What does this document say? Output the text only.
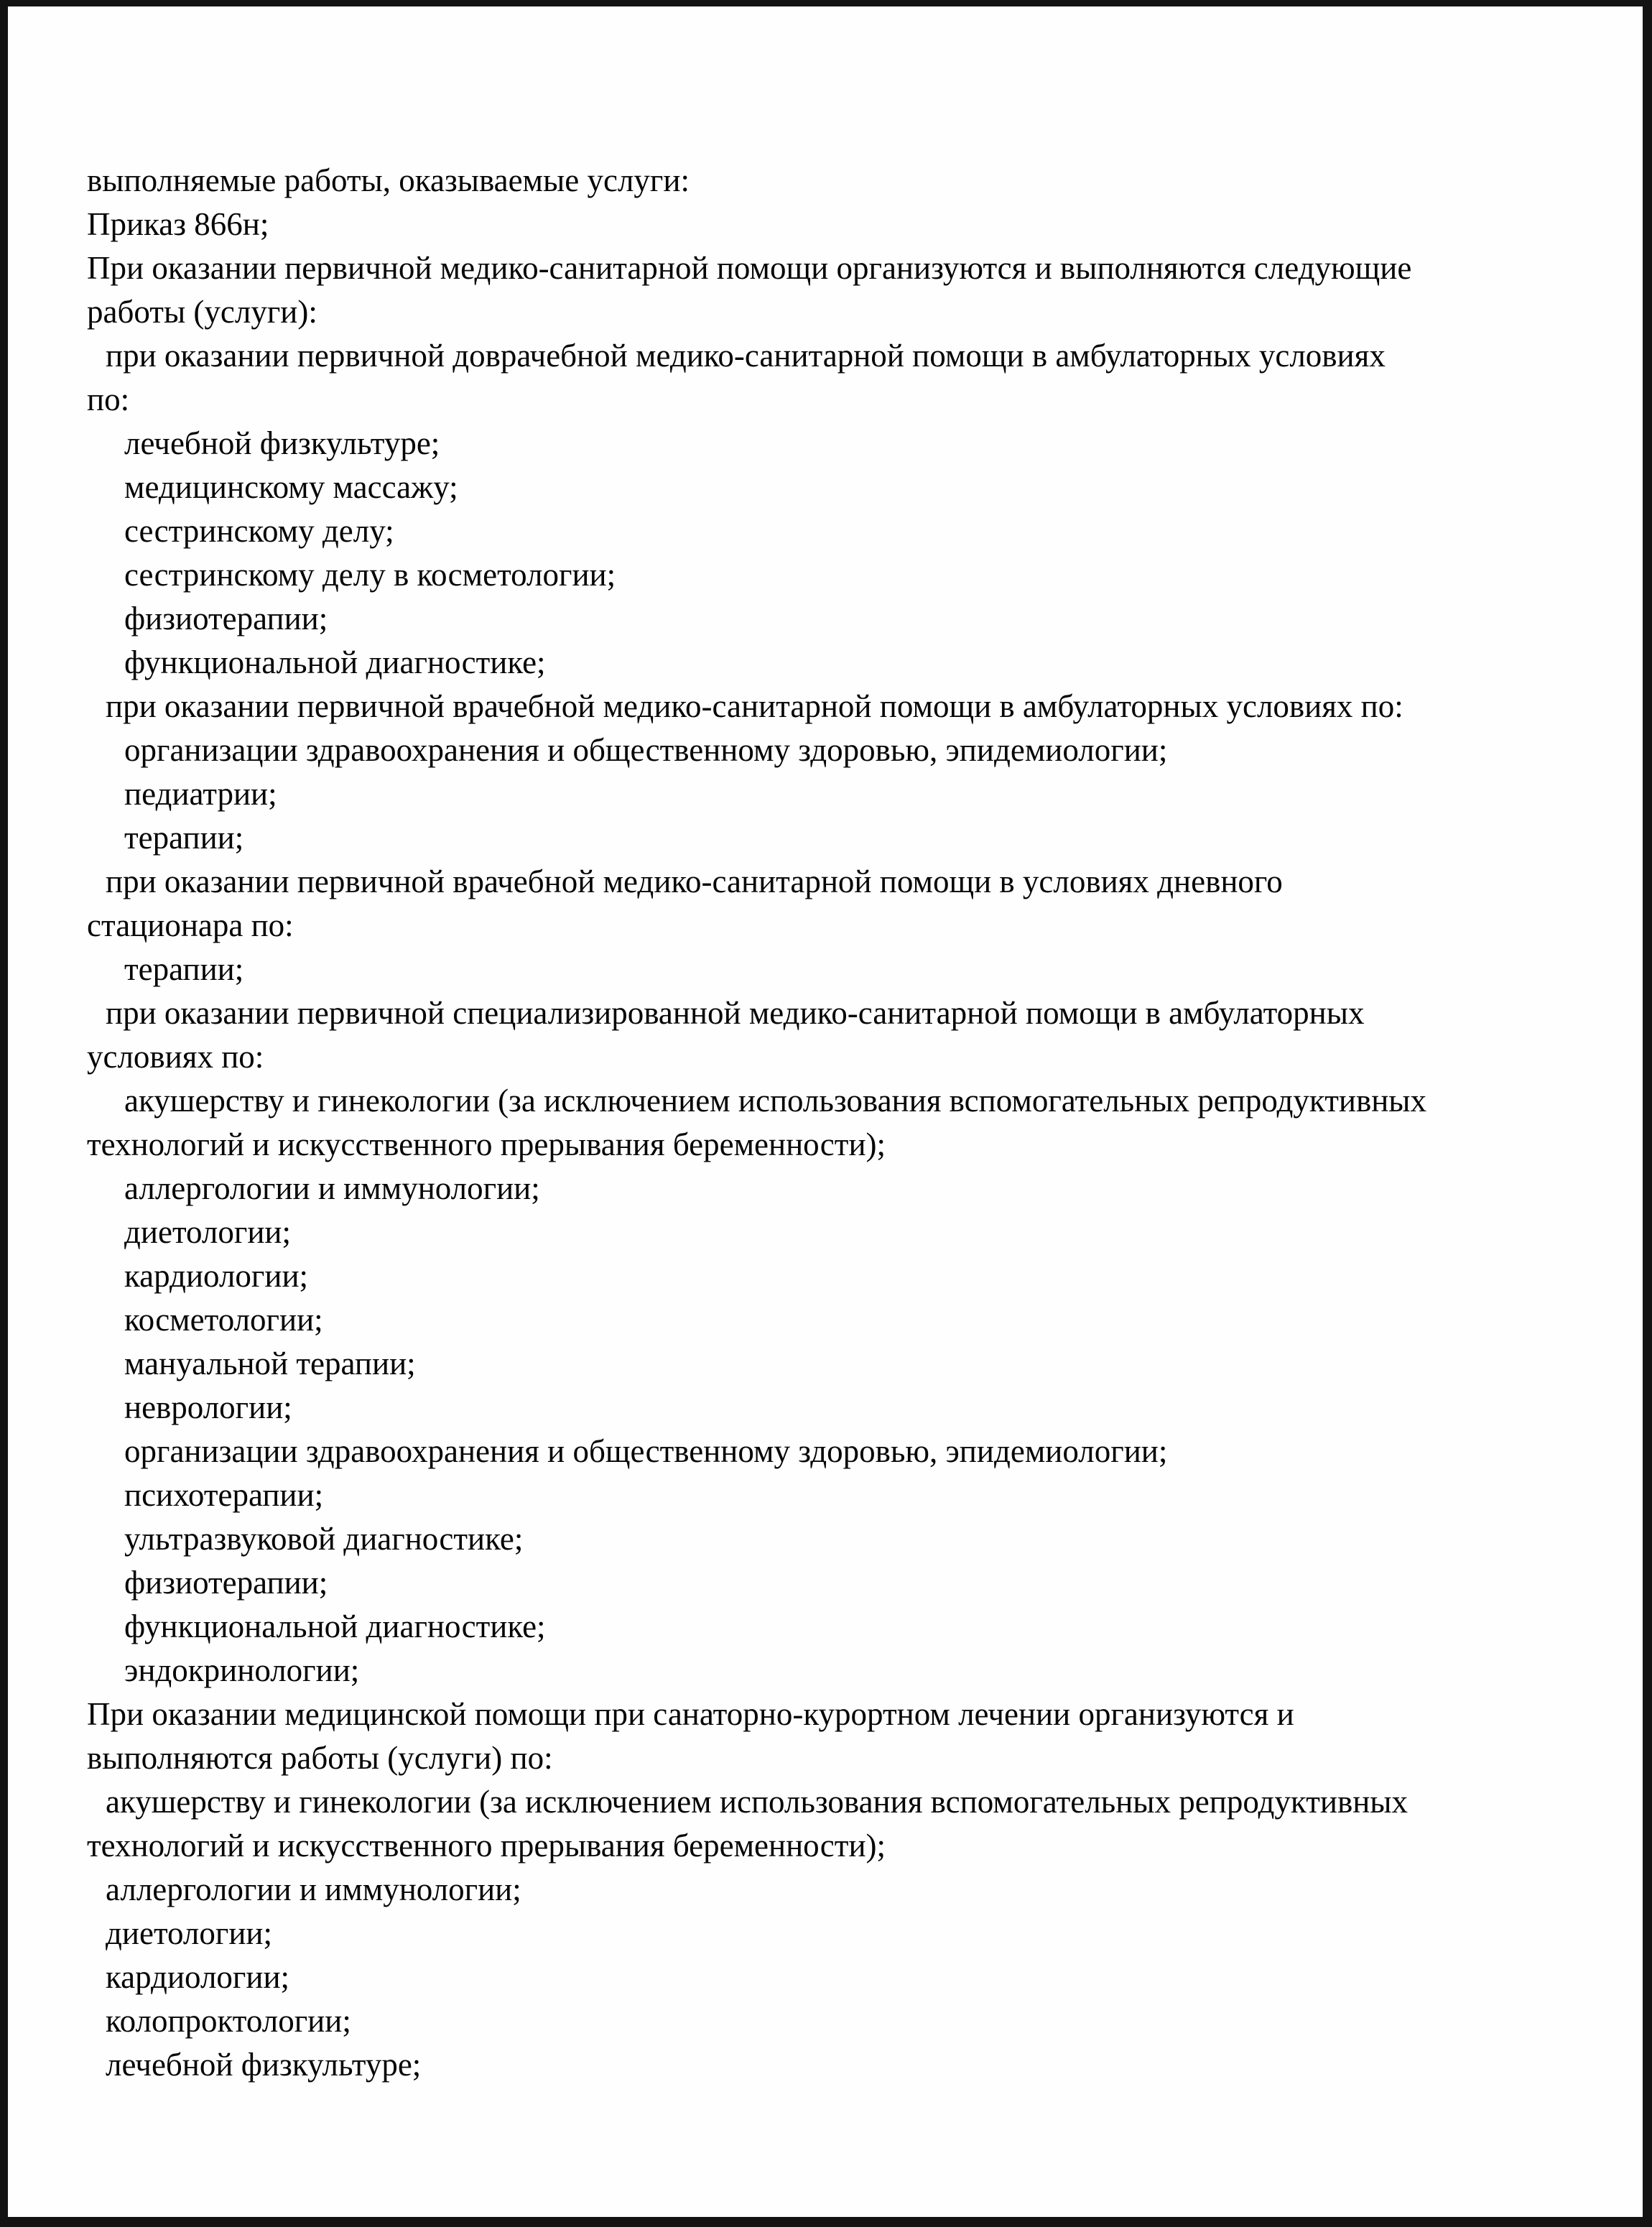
выполняемые работы, оказываемые услуги:
Приказ 866н;
При оказании первичной медико-санитарной помощи организуются и выполняются следующие
работы (услуги):
при оказании первичной доврачебной медико-санитарной помощи в амбулаторных условиях
по:
лечебной физкультуре;
медицинскому массажу;
сестринскому делу;
сестринскому делу в косметологии;
физиотерапии;
функциональной диагностике;
при оказании первичной врачебной медико-санитарной помощи в амбулаторных условиях по:
организации здравоохранения и общественному здоровью, эпидемиологии;
педиатрии;
терапии;
при оказании первичной врачебной медико-санитарной помощи в условиях дневного
стационара по:
терапии;
при оказании первичной специализированной медико-санитарной помощи в амбулаторных
условиях по:
акушерству и гинекологии (за исключением использования вспомогательных репродуктивных
технологий и искусственного прерывания беременности);
аллергологии и иммунологии;
диетологии;
кардиологии;
косметологии;
мануальной терапии;
неврологии;
организации здравоохранения и общественному здоровью, эпидемиологии;
психотерапии;
ультразвуковой диагностике;
физиотерапии;
функциональной диагностике;
эндокринологии;
При оказании медицинской помощи при санаторно-курортном лечении организуются и
выполняются работы (услуги) по:
акушерству и гинекологии (за исключением использования вспомогательных репродуктивных
технологий и искусственного прерывания беременности);
аллергологии и иммунологии;
диетологии;
кардиологии;
колопроктологии;
лечебной физкультуре;
